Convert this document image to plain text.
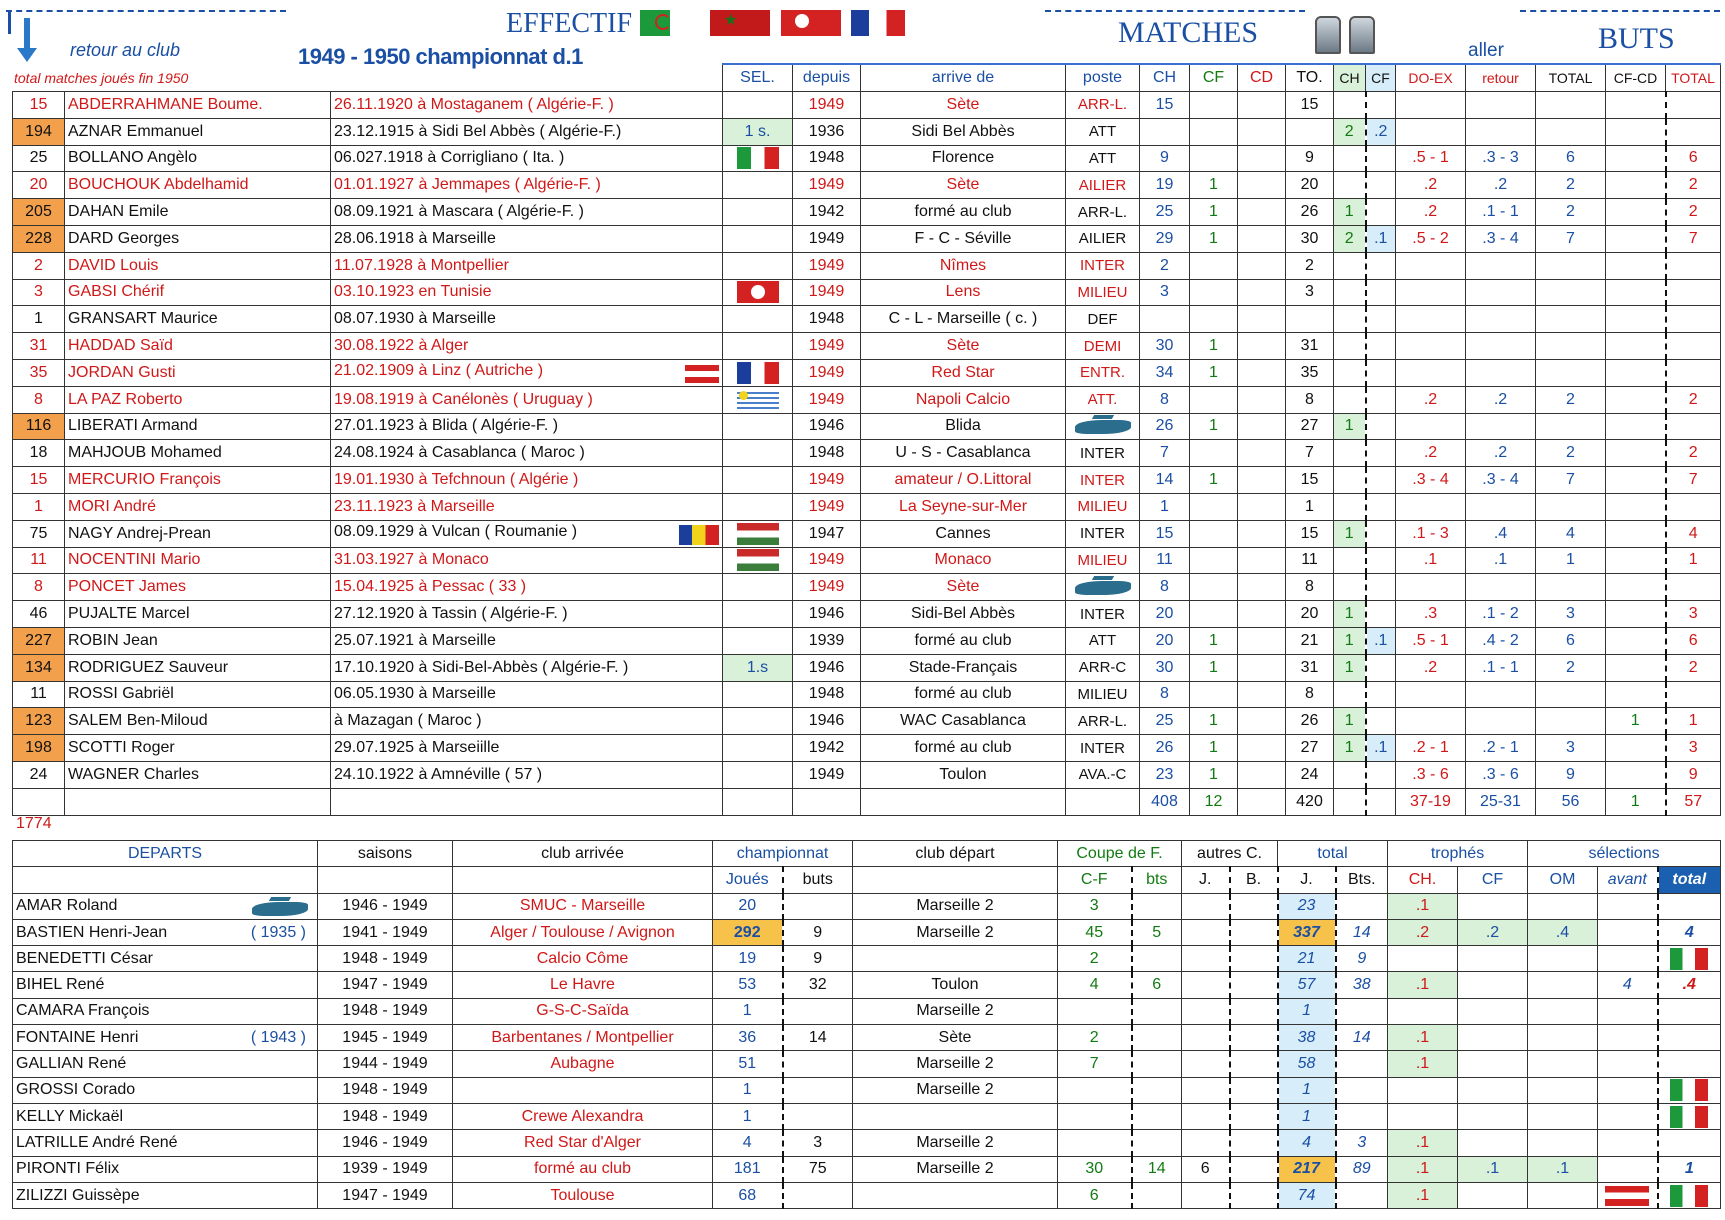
retour au club
total matches joués fin 1950
1949 - 1950 championnat d.1
EFFECTIF ★	MATCHES

aller	BUTS
			SEL.	depuis	arrive de	poste	CH	CF	CD	TO.	CH	CF	DO-EX	retour	TOTAL	CF-CD	TOTAL
15	ABDERRAHMANE Boume.	26.11.1920 à Mostaganem ( Algérie-F. )		1949	Sète	ARR-L.	15			15							
194	AZNAR Emmanuel	23.12.1915 à Sidi Bel Abbès ( Algérie-F.)	1 s.	1936	Sidi Bel Abbès	ATT					2	.2					
25	BOLLANO Angèlo	06.027.1918 à Corrigliano ( Ita. )		1948	Florence	ATT	9			9			.5 - 1	.3 - 3	6		6
20	BOUCHOUK Abdelhamid	01.01.1927 à Jemmapes ( Algérie-F. )		1949	Sète	AILIER	19	1		20			.2	.2	2		2
205	DAHAN Emile	08.09.1921 à Mascara ( Algérie-F. )		1942	formé au club	ARR-L.	25	1		26	1		.2	.1 - 1	2		2
228	DARD Georges	28.06.1918 à Marseille		1949	F - C - Séville	AILIER	29	1		30	2	.1	.5 - 2	.3 - 4	7		7
2	DAVID Louis	11.07.1928 à Montpellier		1949	Nîmes	INTER	2			2							
3	GABSI Chérif	03.10.1923 en Tunisie		1949	Lens	MILIEU	3			3							
1	GRANSART Maurice	08.07.1930 à Marseille		1948	C - L - Marseille ( c. )	DEF											
31	HADDAD Saïd	30.08.1922 à Alger		1949	Sète	DEMI	30	1		31							
35	JORDAN Gusti	21.02.1909 à Linz ( Autriche )		1949	Red Star	ENTR.	34	1		35							
8	LA PAZ Roberto	19.08.1919 à Canélonès ( Uruguay )		1949	Napoli Calcio	ATT.	8			8			.2	.2	2		2
116	LIBERATI Armand	27.01.1923 à Blida ( Algérie-F. )		1946	Blida		26	1		27	1						
18	MAHJOUB Mohamed	24.08.1924 à Casablanca ( Maroc )		1948	U - S - Casablanca	INTER	7			7			.2	.2	2		2
15	MERCURIO François	19.01.1930 à Tefchnoun ( Algérie )		1949	amateur / O.Littoral	INTER	14	1		15			.3 - 4	.3 - 4	7		7
1	MORI André	23.11.1923 à Marseille		1949	La Seyne-sur-Mer	MILIEU	1			1							
75	NAGY Andrej-Prean	08.09.1929 à Vulcan ( Roumanie )		1947	Cannes	INTER	15			15	1		.1 - 3	.4	4		4
11	NOCENTINI Mario	31.03.1927 à Monaco		1949	Monaco	MILIEU	11			11			.1	.1	1		1
8	PONCET James	15.04.1925 à Pessac ( 33 )		1949	Sète		8			8							
46	PUJALTE Marcel	27.12.1920 à Tassin ( Algérie-F. )		1946	Sidi-Bel Abbès	INTER	20			20	1		.3	.1 - 2	3		3
227	ROBIN Jean	25.07.1921 à Marseille		1939	formé au club	ATT	20	1		21	1	.1	.5 - 1	.4 - 2	6		6
134	RODRIGUEZ Sauveur	17.10.1920 à Sidi-Bel-Abbès ( Algérie-F. )	1.s	1946	Stade-Français	ARR-C	30	1		31	1		.2	.1 - 1	2		2
11	ROSSI Gabriël	06.05.1930 à Marseille		1948	formé au club	MILIEU	8			8							
123	SALEM Ben-Miloud	à Mazagan ( Maroc )		1946	WAC Casablanca	ARR-L.	25	1		26	1					1	1
198	SCOTTI Roger	29.07.1925 à Marseiille		1942	formé au club	INTER	26	1		27	1	.1	.2 - 1	.2 - 1	3		3
24	WAGNER Charles	24.10.1922 à Amnéville ( 57 )		1949	Toulon	AVA.-C	23	1		24			.3 - 6	.3 - 6	9		9
							408	12		420			37-19	25-31	56	1	57
DEPARTS	saisons	club arrivée	championnat		club départ	Coupe de F.		autres C.		total		trophés		sélections		
			Joués	buts		C-F	bts	J.	B.	J.	Bts.	CH.	CF	OM	avant	total
AMAR Roland	1946 - 1949	SMUC - Marseille	20		Marseille 2	3				23		.1				
BASTIEN Henri-Jean ( 1935 )	1941 - 1949	Alger / Toulouse / Avignon	292	9	Marseille 2	45	5			337	14	.2	.2	.4		4
BENEDETTI César	1948 - 1949	Calcio Côme	19	9		2				21	9					
BIHEL René	1947 - 1949	Le Havre	53	32	Toulon	4	6			57	38	.1			4	.4
CAMARA François	1948 - 1949	G-S-C-Saïda	1		Marseille 2					1						
FONTAINE Henri ( 1943 )	1945 - 1949	Barbentanes / Montpellier	36	14	Sète	2				38	14	.1				
GALLIAN René	1944 - 1949	Aubagne	51		Marseille 2	7				58		.1				
GROSSI Corado	1948 - 1949		1		Marseille 2					1						
KELLY Mickaël	1948 - 1949	Crewe Alexandra	1							1						
LATRILLE André René	1946 - 1949	Red Star d'Alger	4	3	Marseille 2					4	3	.1				
PIRONTI Félix	1939 - 1949	formé au club	181	75	Marseille 2	30	14	6		217	89	.1	.1	.1		1
ZILIZZI Guissèpe	1947 - 1949	Toulouse	68			6				74		.1				
1774
